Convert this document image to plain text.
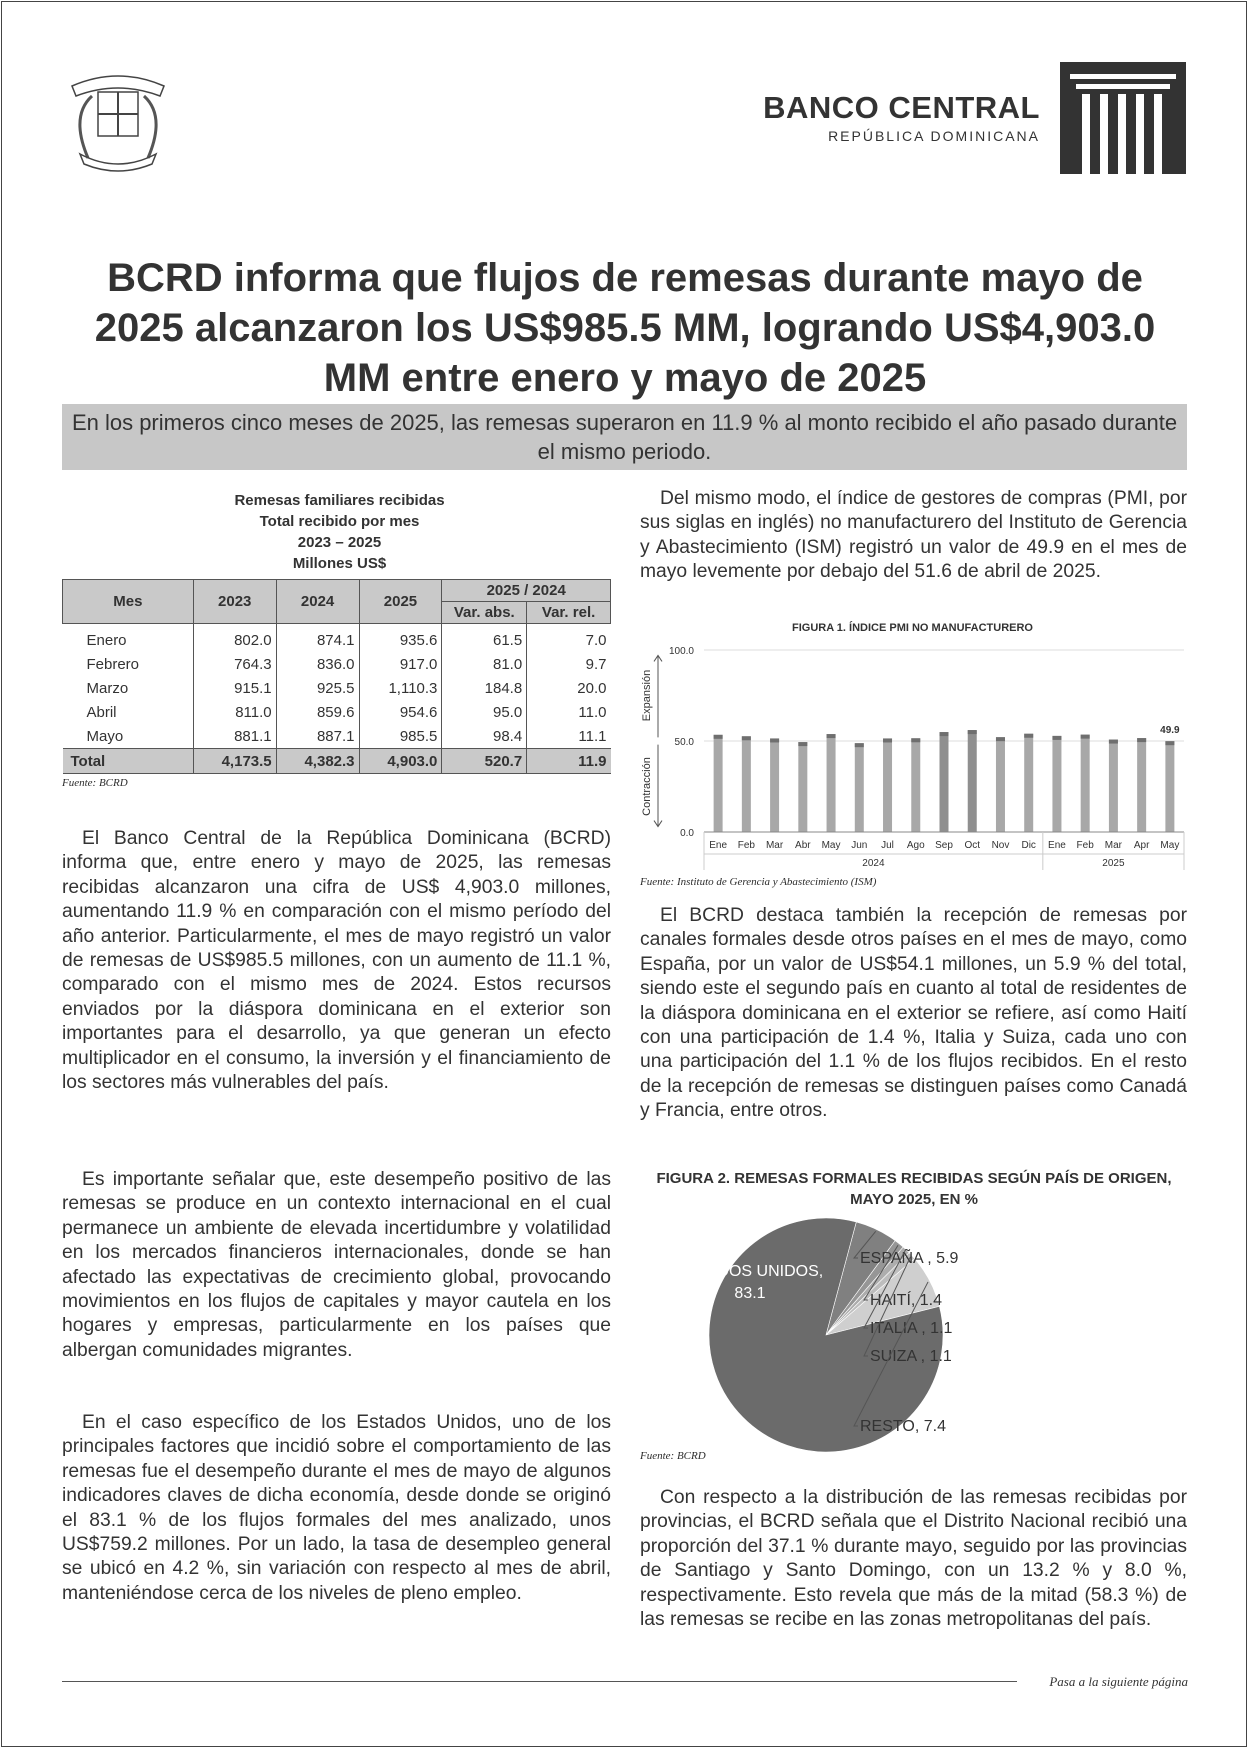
BANCO CENTRAL
REPÚBLICA DOMINICANA
BCRD informa que flujos de remesas durante mayo de 2025 alcanzaron los US$985.5 MM, logrando US$4,903.0 MM entre enero y mayo de 2025
En los primeros cinco meses de 2025, las remesas superaron en 11.9 % al monto recibido el año pasado durante el mismo periodo.
Remesas familiares recibidas
Total recibido por mes
2023 – 2025
Millones US$
Mes	2023	2024	2025	2025 / 2024	
				Var. abs.	Var. rel.
Enero	802.0	874.1	935.6	61.5	7.0
Febrero	764.3	836.0	917.0	81.0	9.7
Marzo	915.1	925.5	1,110.3	184.8	20.0
Abril	811.0	859.6	954.6	95.0	11.0
Mayo	881.1	887.1	985.5	98.4	11.1
Total	4,173.5	4,382.3	4,903.0	520.7	11.9
Fuente: BCRD

El Banco Central de la República Dominicana (BCRD) informa que, entre enero y mayo de 2025, las remesas recibidas alcanzaron una cifra de US$ 4,903.0 millones, aumentando 11.9 % en comparación con el mismo período del año anterior. Particularmente, el mes de mayo registró un valor de remesas de US$985.5 millones, con un aumento de 11.1 %, comparado con el mismo mes de 2024. Estos recursos enviados por la diáspora dominicana en el exterior son importantes para el desarrollo, ya que generan un efecto multiplicador en el consumo, la inversión y el financiamiento de los sectores más vulnerables del país.

Es importante señalar que, este desempeño positivo de las remesas se produce en un contexto internacional en el cual permanece un ambiente de elevada incertidumbre y volatilidad en los mercados financieros internacionales, donde se han afectado las expectativas de crecimiento global, provocando movimientos en los flujos de capitales y mayor cautela en los hogares y empresas, particularmente en los países que albergan comunidades migrantes.

En el caso específico de los Estados Unidos, uno de los principales factores que incidió sobre el comportamiento de las remesas fue el desempeño durante el mes de mayo de algunos indicadores claves de dicha economía, desde donde se originó el 83.1 % de los flujos formales del mes analizado, unos US$759.2 millones. Por un lado, la tasa de desempleo general se ubicó en 4.2 %, sin variación con respecto al mes de abril, manteniéndose cerca de los niveles de pleno empleo.

Del mismo modo, el índice de gestores de compras (PMI, por sus siglas en inglés) no manufacturero del Instituto de Gerencia y Abastecimiento (ISM) registró un valor de 49.9 en el mes de mayo levemente por debajo del 51.6 de abril de 2025.

El BCRD destaca también la recepción de remesas por canales formales desde otros países en el mes de mayo, como España, por un valor de US$54.1 millones, un 5.9 % del total, siendo este el segundo país en cuanto al total de residentes de la diáspora dominicana en el exterior se refiere, así como Haití con una participación de 1.4 %, Italia y Suiza, cada uno con una participación del 1.1 % de los flujos recibidos. En el resto de la recepción de remesas se distinguen países como Canadá y Francia, entre otros.

Con respecto a la distribución de las remesas recibidas por provincias, el BCRD señala que el Distrito Nacional recibió una proporción del 37.1 % durante mayo, seguido por las provincias de Santiago y Santo Domingo, con un 13.2 % y 8.0 %, respectivamente. Esto revela que más de la mitad (58.3 %) de las remesas se recibe en las zonas metropolitanas del país.

FIGURA 1. ÍNDICE PMI NO MANUFACTURERO
0.0
50.0
100.0
Expansión
Contracción
Ene Feb Mar Abr May Jun Jul Ago Sep Oct Nov Dic Ene Feb Mar Apr May
2024	2025
49.9
Fuente: Instituto de Gerencia y Abastecimiento (ISM)
FIGURA 2. REMESAS FORMALES RECIBIDAS SEGÚN PAÍS DE ORIGEN, MAYO 2025, EN %
ESTADOS UNIDOS,
83.1
ESPAÑA , 5.9
HAITÍ, 1.4
ITALIA , 1.1
SUIZA , 1.1
RESTO, 7.4
Fuente: BCRD
Pasa a la siguiente página
